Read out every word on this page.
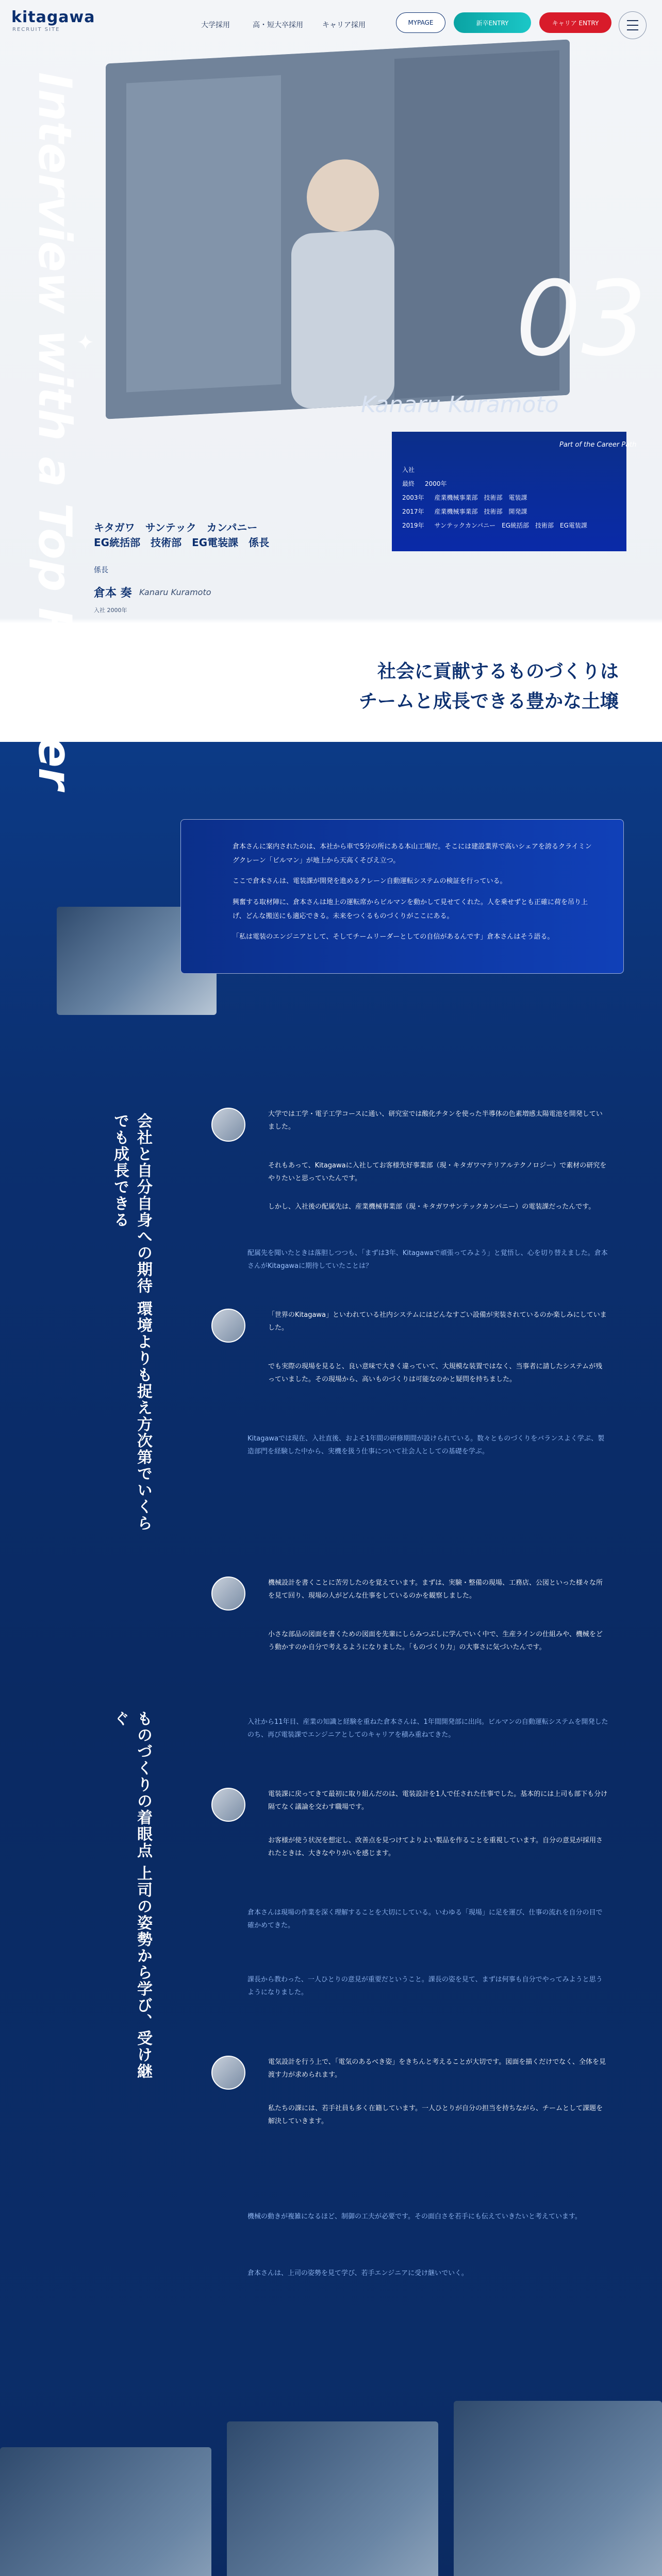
kitagawa
RECRUIT SITE
大学採用	高・短大卒採用	キャリア採用	MYPAGE	新卒ENTRY	キャリア ENTRY
Interview with a Top Runner
✦	03
Kanaru Kuramoto
入社
最終 2000年
2003年 産業機械事業部　技術部　電装課
2017年 産業機械事業部　技術部　開発課
2019年 サンテックカンパニー　EG統括部　技術部　EG電装課
Part of the Career Path
キタガワ　サンテック　カンパニー
EG統括部　技術部　EG電装課　係長
係長
倉本 奏 Kanaru Kuramoto
入社 2000年
社会に貢献するものづくりは
チームと成長できる豊かな土壌

倉本さんに案内されたのは、本社から車で5分の所にある本山工場だ。そこには建設業界で高いシェアを誇るクライミングクレーン「ビルマン」が地上から天高くそびえ立つ。

ここで倉本さんは、電装課が開発を進めるクレーン自動運転システムの検証を行っている。

興奮する取材陣に、倉本さんは地上の運転席からビルマンを動かして見せてくれた。人を乗せずとも正確に荷を吊り上げ、どんな搬送にも適応できる。未来をつくるものづくりがここにある。

「私は電装のエンジニアとして、そしてチームリーダーとしての自信があるんです」倉本さんはそう語る。

会社と自分自身への期待 環境よりも捉え方次第でいくらでも成長できる	大学では工学・電子工学コースに通い、研究室では酸化チタンを使った半導体の色素増感太陽電池を開発していました。

それもあって、Kitagawaに入社してお客様先好事業部（現・キタガワマテリアルテクノロジー）で素材の研究をやりたいと思っていたんです。

しかし、入社後の配属先は、産業機械事業部（現・キタガワサンテックカンパニー）の電装課だったんです。

配属先を聞いたときは落胆しつつも、「まずは3年、Kitagawaで頑張ってみよう」と覚悟し、心を切り替えました。倉本さんがKitagawaに期待していたことは？

「世界のKitagawa」といわれている社内システムにはどんなすごい設備が実装されているのか楽しみにしていました。

でも実際の現場を見ると、良い意味で大きく違っていて、大規模な装置ではなく、当事者に請したシステムが残っていました。その現場から、高いものづくりは可能なのかと疑問を持ちました。

Kitagawaでは現在、入社直後、およそ1年間の研修期間が設けられている。数々とものづくりをバランスよく学ぶ、製造部門を経験した中から、実機を扱う仕事について社会人としての基礎を学ぶ。

機械設計を書くことに苦労したのを覚えています。まずは、実験・整備の現場、工務店、公図といった様々な所を見て回り、現場の人がどんな仕事をしているのかを観察しました。

小さな部品の図面を書くための図面を先輩にしらみつぶしに学んでいく中で、生産ラインの仕組みや、機械をどう動かすのか自分で考えるようになりました。「ものづくり力」の大事さに気づいたんです。

ものづくりの着眼点 上司の姿勢から学び、受け継ぐ	入社から11年目、産業の知識と経験を重ねた倉本さんは、1年間開発部に出向。ビルマンの自動運転システムを開発したのち、再び電装課でエンジニアとしてのキャリアを積み重ねてきた。

電装課に戻ってきて最初に取り組んだのは、電装設計を1人で任された仕事でした。基本的には上司も部下も分け隔てなく議論を交わす職場です。

お客様が使う状況を想定し、改善点を見つけてよりよい製品を作ることを重視しています。自分の意見が採用されたときは、大きなやりがいを感じます。

倉本さんは現場の作業を深く理解することを大切にしている。いわゆる「現場」に足を運び、仕事の流れを自分の目で確かめてきた。

課長から教わった、一人ひとりの意見が重要だということ。課長の姿を見て、まずは何事も自分でやってみようと思うようになりました。

電気設計を行う上で、「電気のあるべき姿」をきちんと考えることが大切です。図面を描くだけでなく、全体を見渡す力が求められます。

私たちの課には、若手社員も多く在籍しています。一人ひとりが自分の担当を持ちながら、チームとして課題を解決していきます。

機械の動きが複雑になるほど、制御の工夫が必要です。その面白さを若手にも伝えていきたいと考えています。

倉本さんは、上司の姿勢を見て学び、若手エンジニアに受け継いでいく。
